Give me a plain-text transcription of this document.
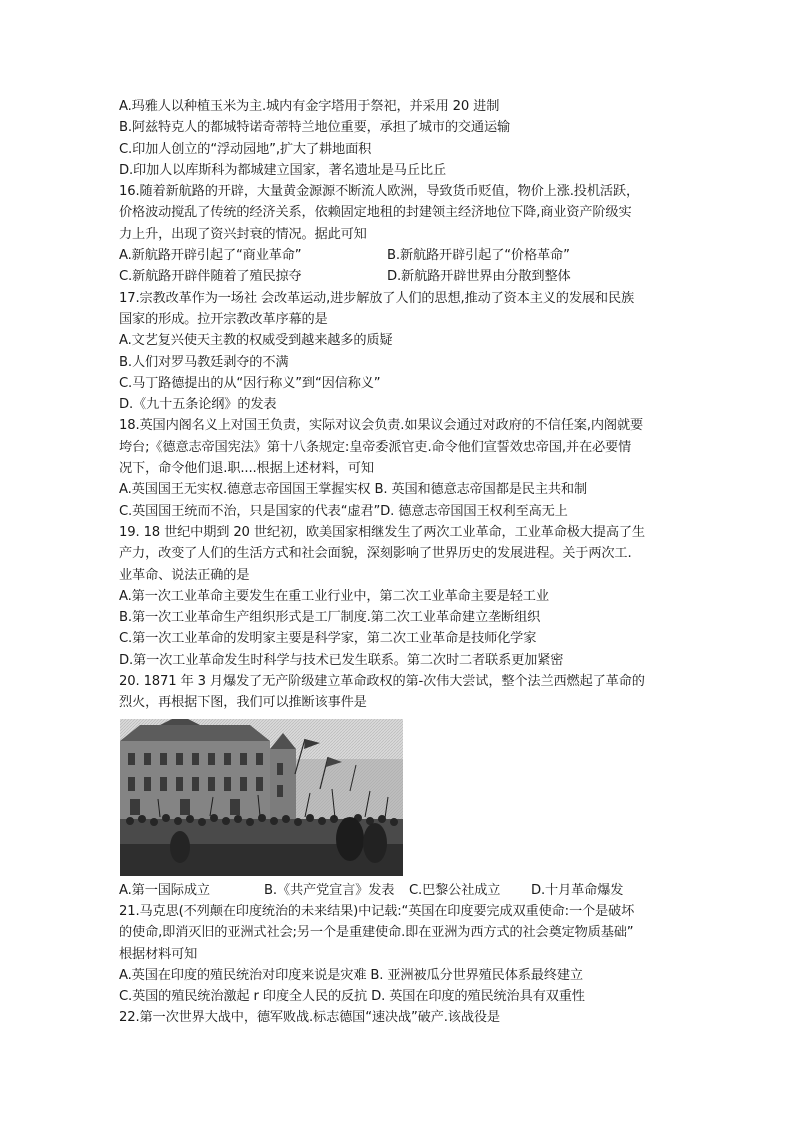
A.玛雅人以种植玉米为主.城内有金字塔用于祭祀，并采用 20 进制
B.阿兹特克人的都城特诺奇蒂特兰地位重要，承担了城市的交通运输
C.印加人创立的“浮动园地”,扩大了耕地面积
D.印加人以库斯科为都城建立国家，著名遗址是马丘比丘
16.随着新航路的开辟，大量黄金源源不断流人欧洲，导致货币贬值，物价上涨.投机活跃，
价格波动搅乱了传统的经济关系，依赖固定地租的封建领主经济地位下降,商业资产阶级实
力上升，出现了资兴封衰的情况。据此可知
A.新航路开辟引起了“商业革命”	B.新航路开辟引起了“价格革命”
C.新航路开辟伴随着了殖民掠夺	D.新航路开辟世界由分散到整体
17.宗教改革作为一场社 会改革运动,进步解放了人们的思想,推动了资本主义的发展和民族
国家的形成。拉开宗教改革序幕的是
A.文艺复兴使天主教的权威受到越来越多的质疑
B.人们对罗马教廷剥夺的不满
C.马丁路德提出的从“因行称义”到“因信称义”
D.《九十五条论纲》的发表
18.英国内阁名义上对国王负责，实际对议会负责.如果议会通过对政府的不信任案,内阁就要
垮台;《德意志帝国宪法》第十八条规定:皇帝委派官吏.命令他们宣誓效忠帝国,并在必要情
况下，命令他们退.职....根据上述材料，可知
A.英国国王无实权.德意志帝国国王掌握实权 B. 英国和德意志帝国都是民主共和制
C.英国国王统而不治，只是国家的代表“虚君”D. 德意志帝国国王权利至高无上
19. 18 世纪中期到 20 世纪初，欧美国家相继发生了两次工业革命，工业革命极大提高了生
产力，改变了人们的生活方式和社会面貌，深刻影响了世界历史的发展进程。关于两次工.
业革命、说法正确的是
A.第一次工业革命主要发生在重工业行业中，第二次工业革命主要是轻工业
B.第一次工业革命生产组织形式是工厂制度.第二次工业革命建立垄断组织
C.第一次工业革命的发明家主要是科学家，第二次工业革命是技师化学家
D.第一次工业革命发生时科学与技术已发生联系。第二次时二者联系更加紧密
20. 1871 年 3 月爆发了无产阶级建立革命政权的第-次伟大尝试，整个法兰西燃起了革命的
烈火，再根据下图，我们可以推断该事件是
A.第一国际成立	B.《共产党宣言》发表	C.巴黎公社成立	D.十月革命爆发
21.马克思(不列颠在印度统治的未来结果)中记载:“英国在印度要完成双重使命:一个是破坏
的使命,即消灭旧的亚洲式社会;另一个是重建使命.即在亚洲为西方式的社会奠定物质基础”
根据材料可知
A.英国在印度的殖民统治对印度来说是灾难 B. 亚洲被瓜分世界殖民体系最终建立
C.英国的殖民统治激起 r 印度全人民的反抗 D. 英国在印度的殖民统治具有双重性
22.第一次世界大战中，德军败战.标志德国“速决战”破产.该战役是
